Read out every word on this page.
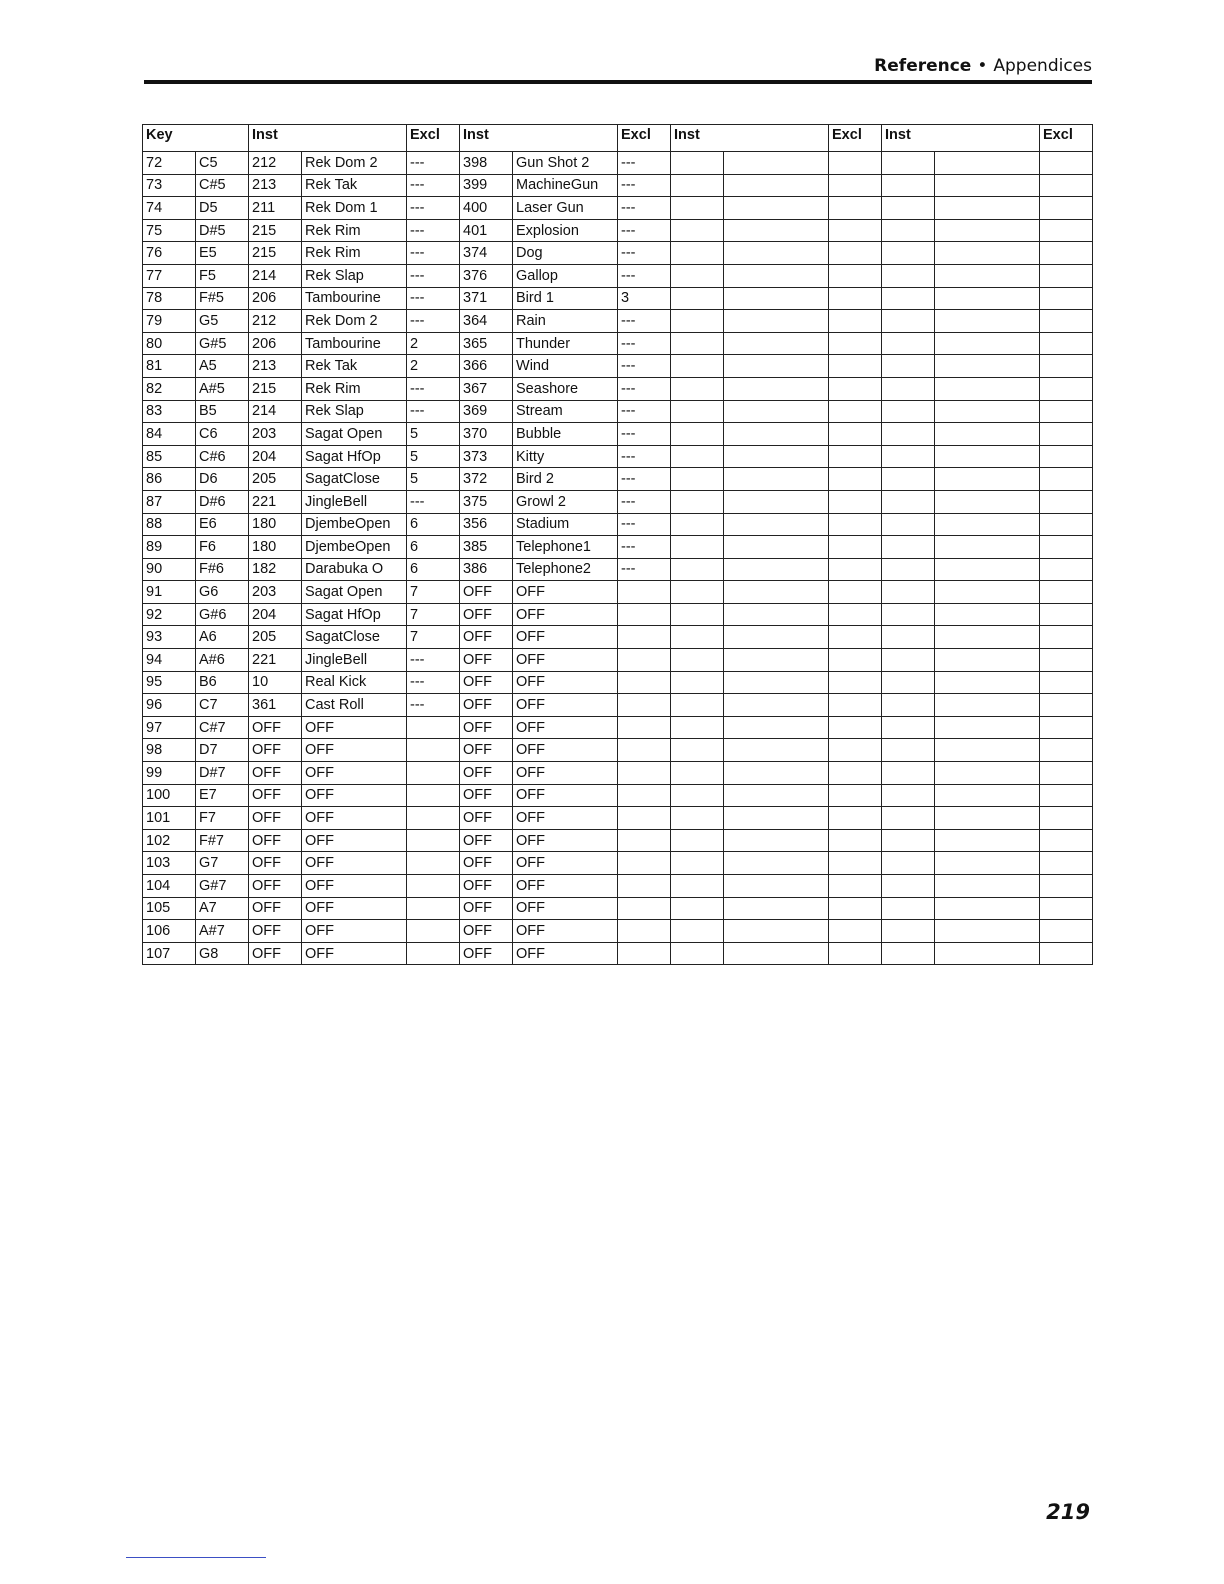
Reference • Appendices
Key		Inst		Excl	Inst		Excl	Inst		Excl	Inst		Excl
72	C5	212	Rek Dom 2	---	398	Gun Shot 2	---						
73	C#5	213	Rek Tak	---	399	MachineGun	---						
74	D5	211	Rek Dom 1	---	400	Laser Gun	---						
75	D#5	215	Rek Rim	---	401	Explosion	---						
76	E5	215	Rek Rim	---	374	Dog	---						
77	F5	214	Rek Slap	---	376	Gallop	---						
78	F#5	206	Tambourine	---	371	Bird 1	3						
79	G5	212	Rek Dom 2	---	364	Rain	---						
80	G#5	206	Tambourine	2	365	Thunder	---						
81	A5	213	Rek Tak	2	366	Wind	---						
82	A#5	215	Rek Rim	---	367	Seashore	---						
83	B5	214	Rek Slap	---	369	Stream	---						
84	C6	203	Sagat Open	5	370	Bubble	---						
85	C#6	204	Sagat HfOp	5	373	Kitty	---						
86	D6	205	SagatClose	5	372	Bird 2	---						
87	D#6	221	JingleBell	---	375	Growl 2	---						
88	E6	180	DjembeOpen	6	356	Stadium	---						
89	F6	180	DjembeOpen	6	385	Telephone1	---						
90	F#6	182	Darabuka O	6	386	Telephone2	---						
91	G6	203	Sagat Open	7	OFF	OFF							
92	G#6	204	Sagat HfOp	7	OFF	OFF							
93	A6	205	SagatClose	7	OFF	OFF							
94	A#6	221	JingleBell	---	OFF	OFF							
95	B6	10	Real Kick	---	OFF	OFF							
96	C7	361	Cast Roll	---	OFF	OFF							
97	C#7	OFF	OFF		OFF	OFF							
98	D7	OFF	OFF		OFF	OFF							
99	D#7	OFF	OFF		OFF	OFF							
100	E7	OFF	OFF		OFF	OFF							
101	F7	OFF	OFF		OFF	OFF							
102	F#7	OFF	OFF		OFF	OFF							
103	G7	OFF	OFF		OFF	OFF							
104	G#7	OFF	OFF		OFF	OFF							
105	A7	OFF	OFF		OFF	OFF							
106	A#7	OFF	OFF		OFF	OFF							
107	G8	OFF	OFF		OFF	OFF							
219
